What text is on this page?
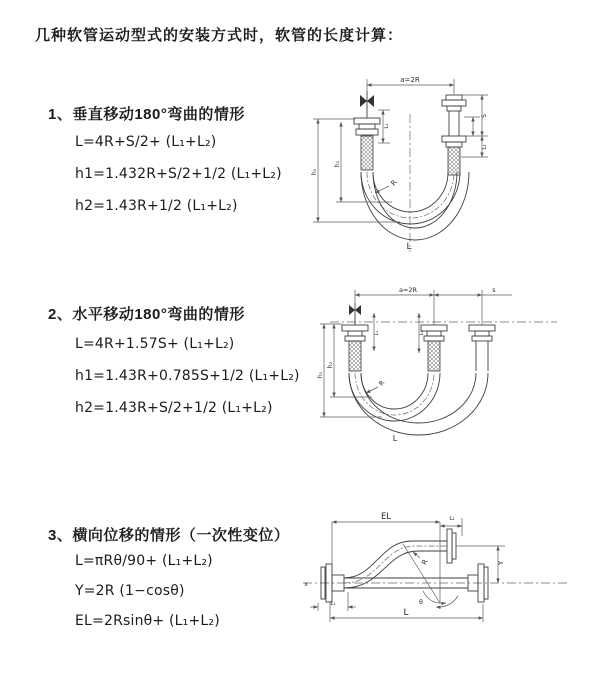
几种软管运动型式的安装方式时，软管的长度计算：
1、垂直移动180°弯曲的情形
L=4R+S/2+ (L₁+L₂)
h1=1.432R+S/2+1/2 (L₁+L₂)
h2=1.43R+1/2 (L₁+L₂)
2、水平移动180°弯曲的情形
L=4R+1.57S+ (L₁+L₂)
h1=1.43R+0.785S+1/2 (L₁+L₂)
h2=1.43R+S/2+1/2 (L₁+L₂)
3、横向位移的情形（一次性变位）
L=πRθ/90+ (L₁+L₂)
Y=2R (1−cosθ)
EL=2Rsinθ+ (L₁+L₂)
a=2R
h₁
h₂
L₁
S
L₂
R
L
a=2R	s
h₁
h₂
L₁	L₂
R
L
x
R
θ
EL	L₂
Y
L₁
L
